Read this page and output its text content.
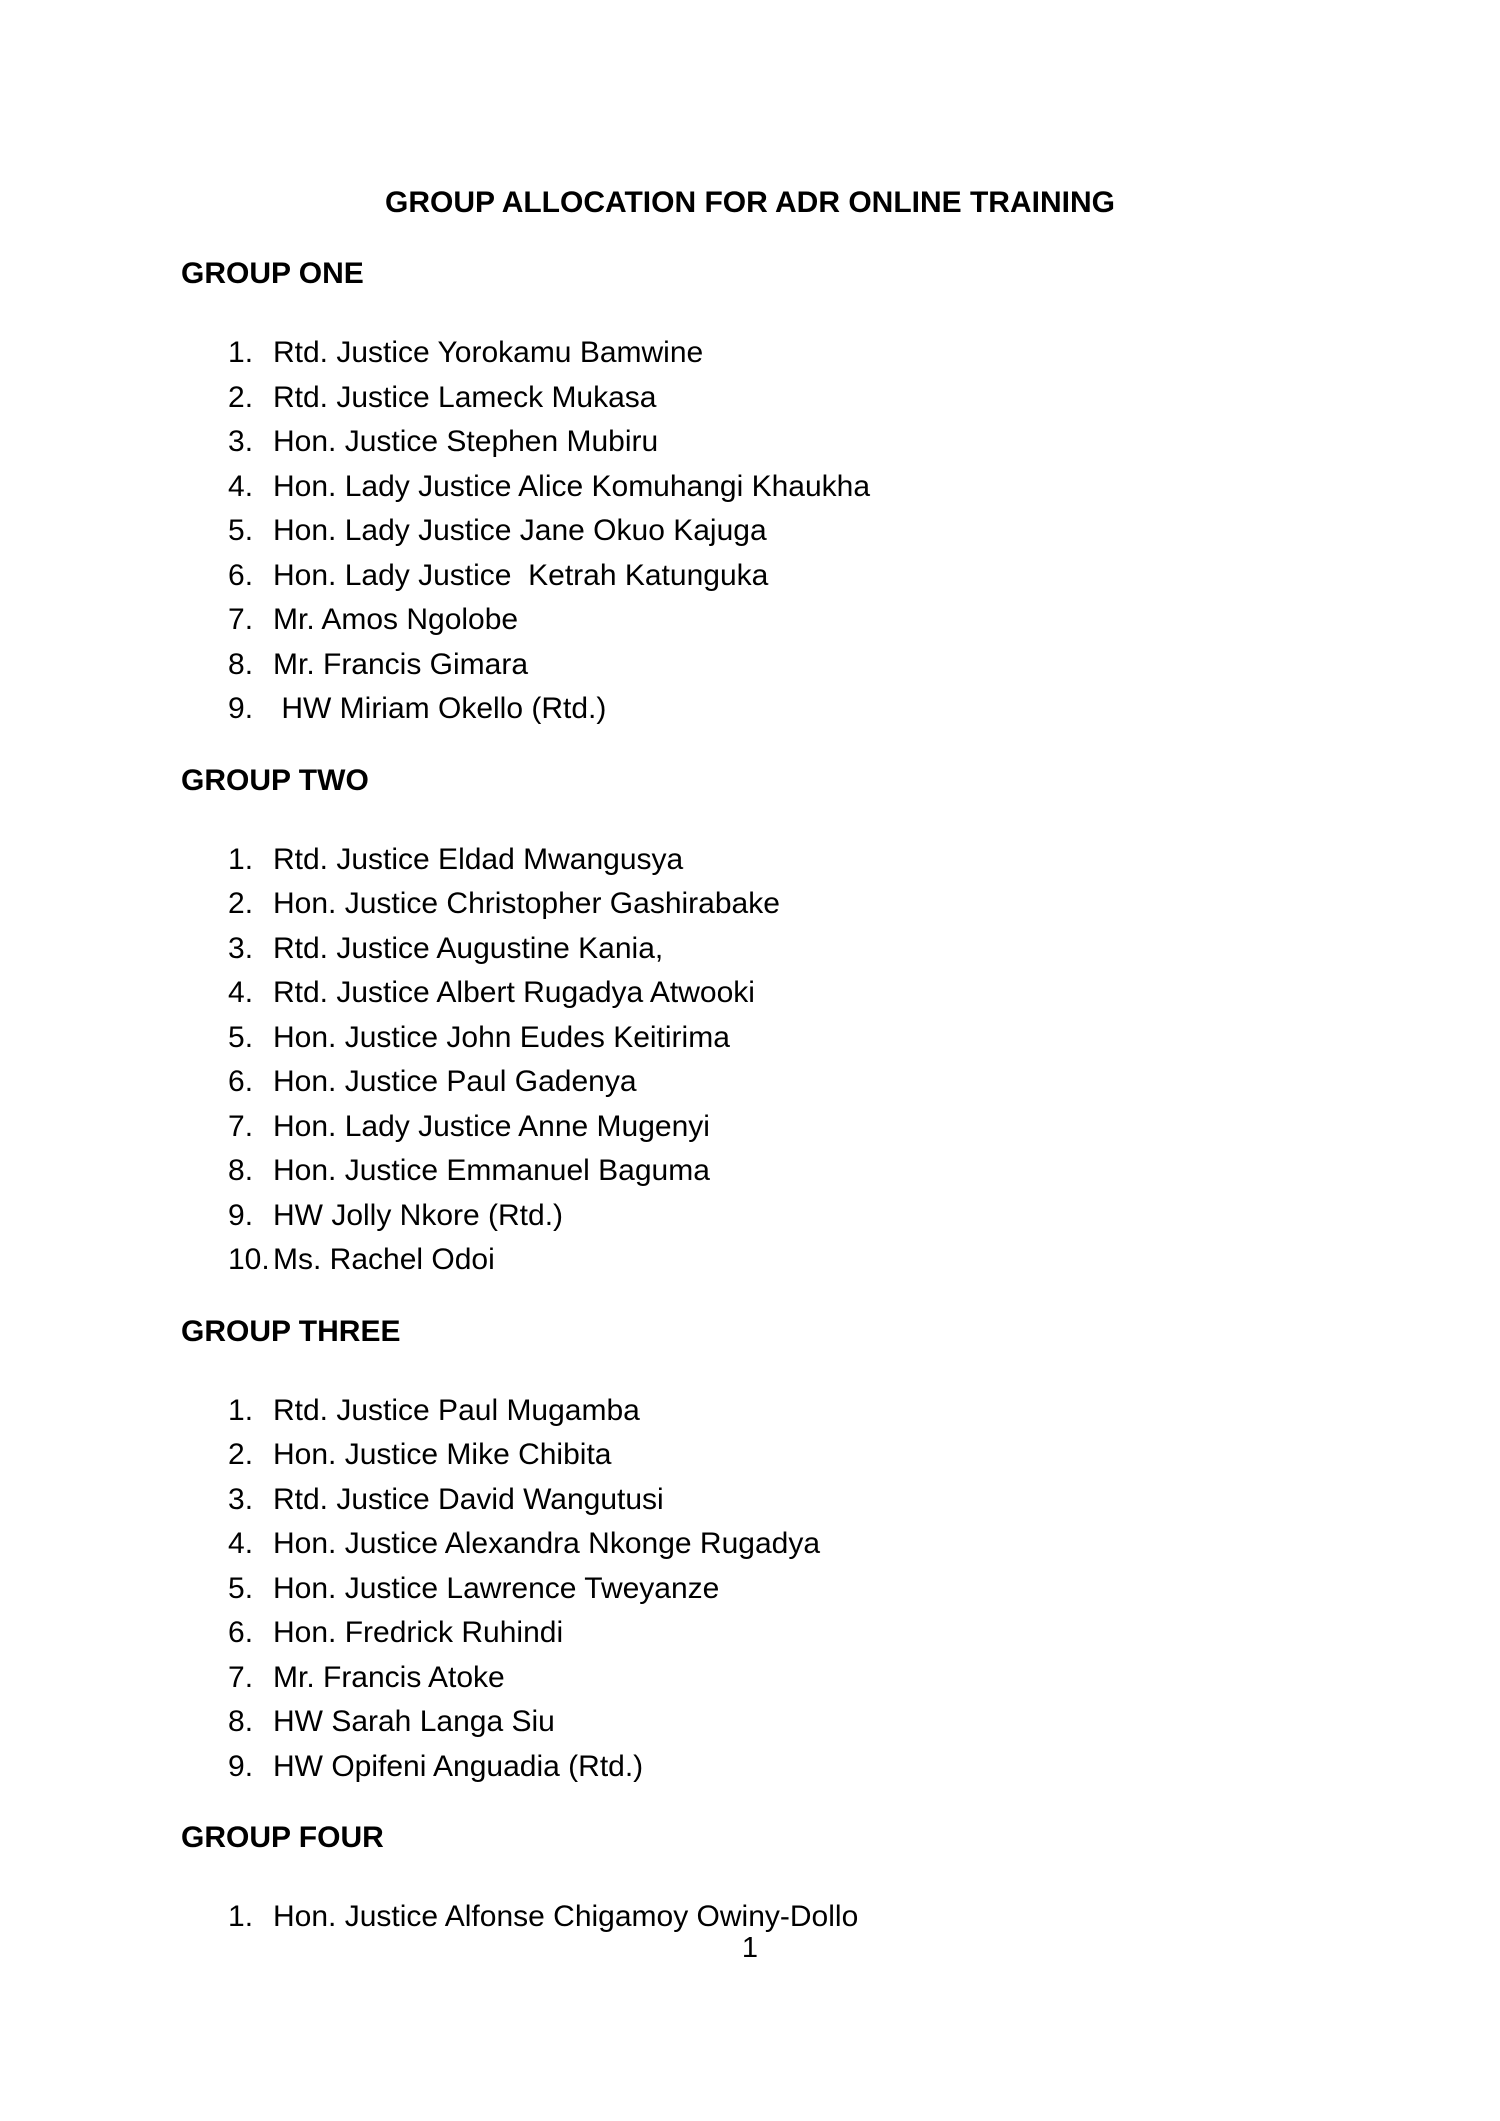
GROUP ALLOCATION FOR ADR ONLINE TRAINING
GROUP ONE
Rtd. Justice Yorokamu Bamwine
Rtd. Justice Lameck Mukasa
Hon. Justice Stephen Mubiru
Hon. Lady Justice Alice Komuhangi Khaukha
Hon. Lady Justice Jane Okuo Kajuga
Hon. Lady Justice  Ketrah Katunguka
Mr. Amos Ngolobe
Mr. Francis Gimara
HW Miriam Okello (Rtd.)
GROUP TWO
Rtd. Justice Eldad Mwangusya
Hon. Justice Christopher Gashirabake
Rtd. Justice Augustine Kania,
Rtd. Justice Albert Rugadya Atwooki
Hon. Justice John Eudes Keitirima
Hon. Justice Paul Gadenya
Hon. Lady Justice Anne Mugenyi
Hon. Justice Emmanuel Baguma
HW Jolly Nkore (Rtd.)
Ms. Rachel Odoi
GROUP THREE
Rtd. Justice Paul Mugamba
Hon. Justice Mike Chibita
Rtd. Justice David Wangutusi
Hon. Justice Alexandra Nkonge Rugadya
Hon. Justice Lawrence Tweyanze
Hon. Fredrick Ruhindi
Mr. Francis Atoke
HW Sarah Langa Siu
HW Opifeni Anguadia (Rtd.)
GROUP FOUR
Hon. Justice Alfonse Chigamoy Owiny-Dollo
1
